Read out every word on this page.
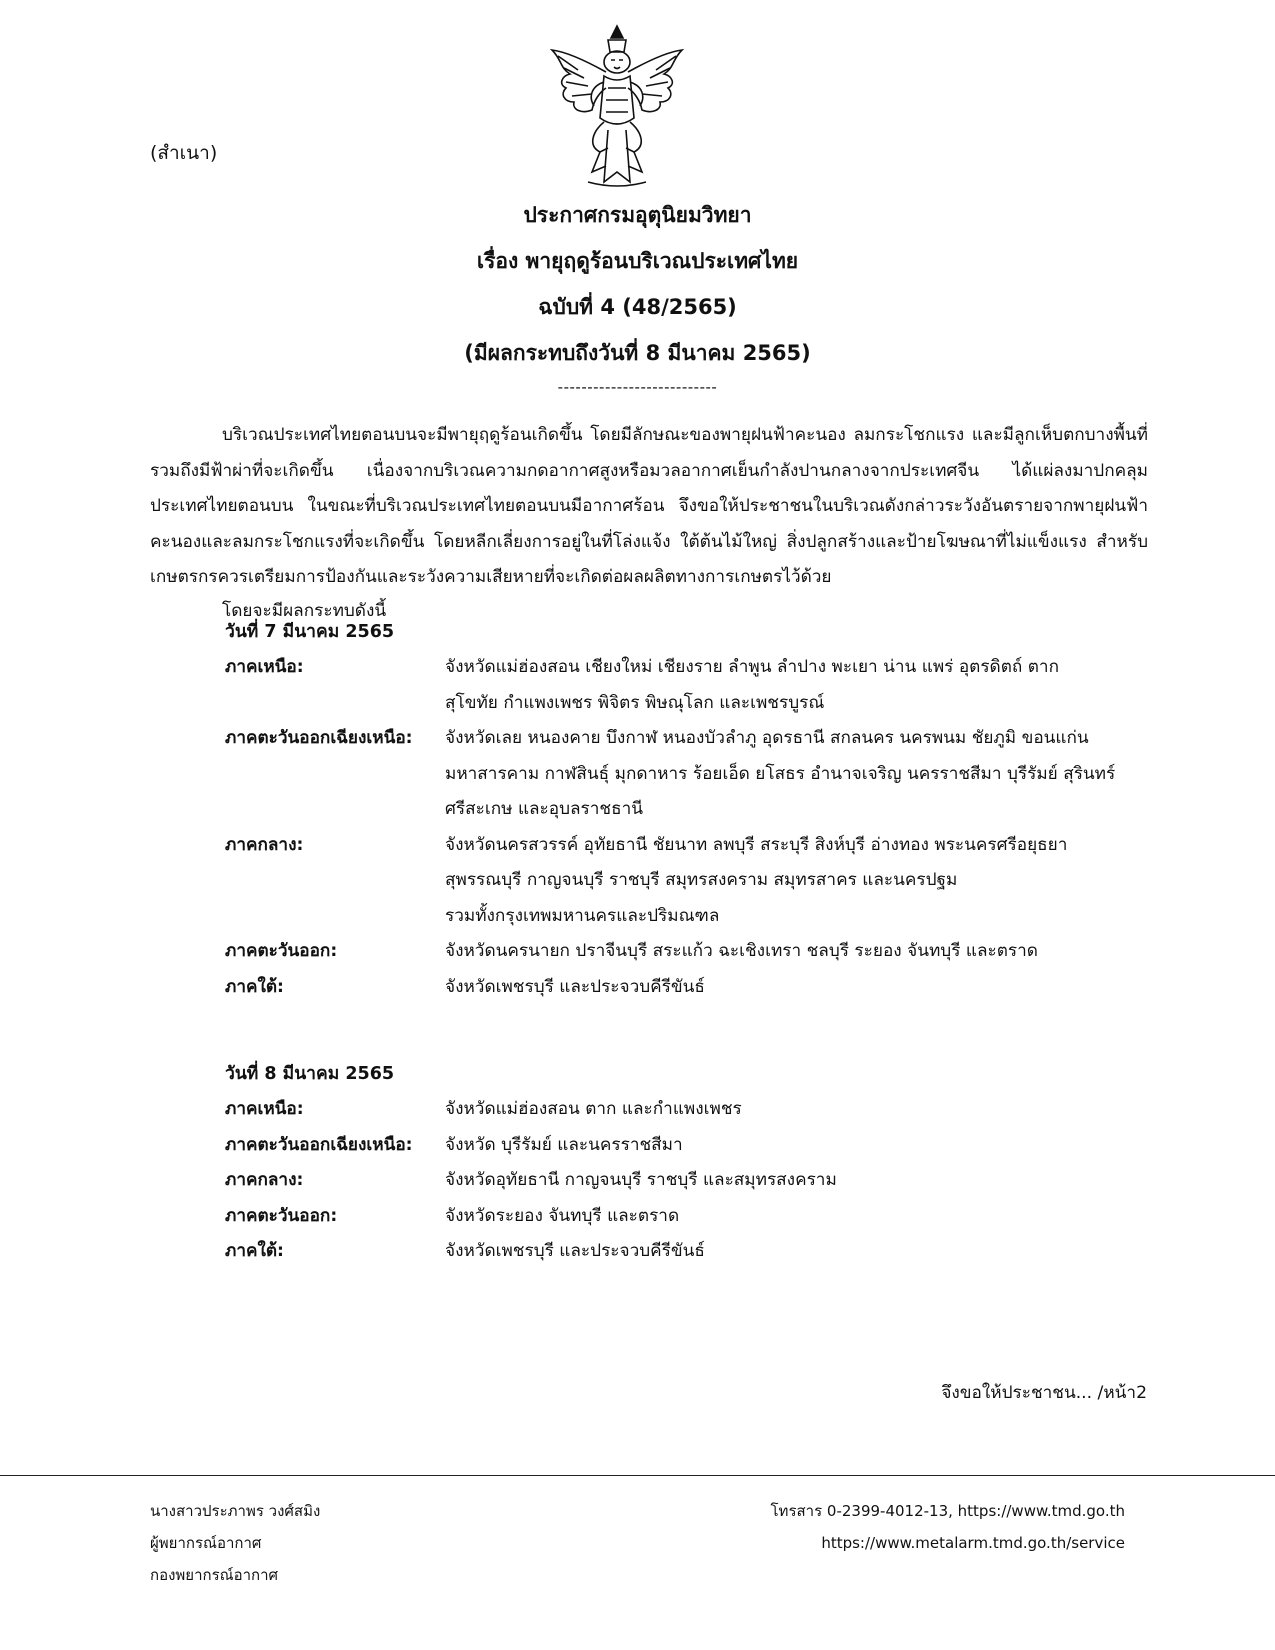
(สำเนา)
ประกาศกรมอุตุนิยมวิทยา
เรื่อง พายุฤดูร้อนบริเวณประเทศไทย
ฉบับที่ 4 (48/2565)
(มีผลกระทบถึงวันที่ 8 มีนาคม 2565)
---------------------------
บริเวณประเทศไทยตอนบนจะมีพายุฤดูร้อนเกิดขึ้น โดยมีลักษณะของพายุฝนฟ้าคะนอง ลมกระโชกแรง และมีลูกเห็บตกบางพื้นที่ รวมถึงมีฟ้าผ่าที่จะเกิดขึ้น เนื่องจากบริเวณความกดอากาศสูงหรือมวลอากาศเย็นกำลังปานกลางจากประเทศจีน ได้แผ่ลงมาปกคลุมประเทศไทยตอนบน ในขณะที่บริเวณประเทศไทยตอนบนมีอากาศร้อน จึงขอให้ประชาชนในบริเวณดังกล่าวระวังอันตรายจากพายุฝนฟ้าคะนองและลมกระโชกแรงที่จะเกิดขึ้น โดยหลีกเลี่ยงการอยู่ในที่โล่งแจ้ง ใต้ต้นไม้ใหญ่ สิ่งปลูกสร้างและป้ายโฆษณาที่ไม่แข็งแรง สำหรับเกษตรกรควรเตรียมการป้องกันและระวังความเสียหายที่จะเกิดต่อผลผลิตทางการเกษตรไว้ด้วย
โดยจะมีผลกระทบดังนี้
วันที่ 7 มีนาคม 2565
ภาคเหนือ:	จังหวัดแม่ฮ่องสอน เชียงใหม่ เชียงราย ลำพูน ลำปาง พะเยา น่าน แพร่ อุตรดิตถ์ ตาก
สุโขทัย กำแพงเพชร พิจิตร พิษณุโลก และเพชรบูรณ์
ภาคตะวันออกเฉียงเหนือ:	จังหวัดเลย หนองคาย บึงกาฬ หนองบัวลำภู อุดรธานี สกลนคร นครพนม ชัยภูมิ ขอนแก่น
มหาสารคาม กาฬสินธุ์ มุกดาหาร ร้อยเอ็ด ยโสธร อำนาจเจริญ นครราชสีมา บุรีรัมย์ สุรินทร์
ศรีสะเกษ และอุบลราชธานี
ภาคกลาง:	จังหวัดนครสวรรค์ อุทัยธานี ชัยนาท ลพบุรี สระบุรี สิงห์บุรี อ่างทอง พระนครศรีอยุธยา
สุพรรณบุรี กาญจนบุรี ราชบุรี สมุทรสงคราม สมุทรสาคร และนครปฐม
รวมทั้งกรุงเทพมหานครและปริมณฑล
ภาคตะวันออก:	จังหวัดนครนายก ปราจีนบุรี สระแก้ว ฉะเชิงเทรา ชลบุรี ระยอง จันทบุรี และตราด
ภาคใต้:	จังหวัดเพชรบุรี และประจวบคีรีขันธ์
วันที่ 8 มีนาคม 2565
ภาคเหนือ:	จังหวัดแม่ฮ่องสอน ตาก และกำแพงเพชร
ภาคตะวันออกเฉียงเหนือ:	จังหวัด บุรีรัมย์ และนครราชสีมา
ภาคกลาง:	จังหวัดอุทัยธานี กาญจนบุรี ราชบุรี และสมุทรสงคราม
ภาคตะวันออก:	จังหวัดระยอง จันทบุรี และตราด
ภาคใต้:	จังหวัดเพชรบุรี และประจวบคีรีขันธ์
จึงขอให้ประชาชน... /หน้า2
นางสาวประภาพร วงศ์สมิง
ผู้พยากรณ์อากาศ
กองพยากรณ์อากาศ
โทรสาร 0-2399-4012-13, https://www.tmd.go.th
https://www.metalarm.tmd.go.th/service
